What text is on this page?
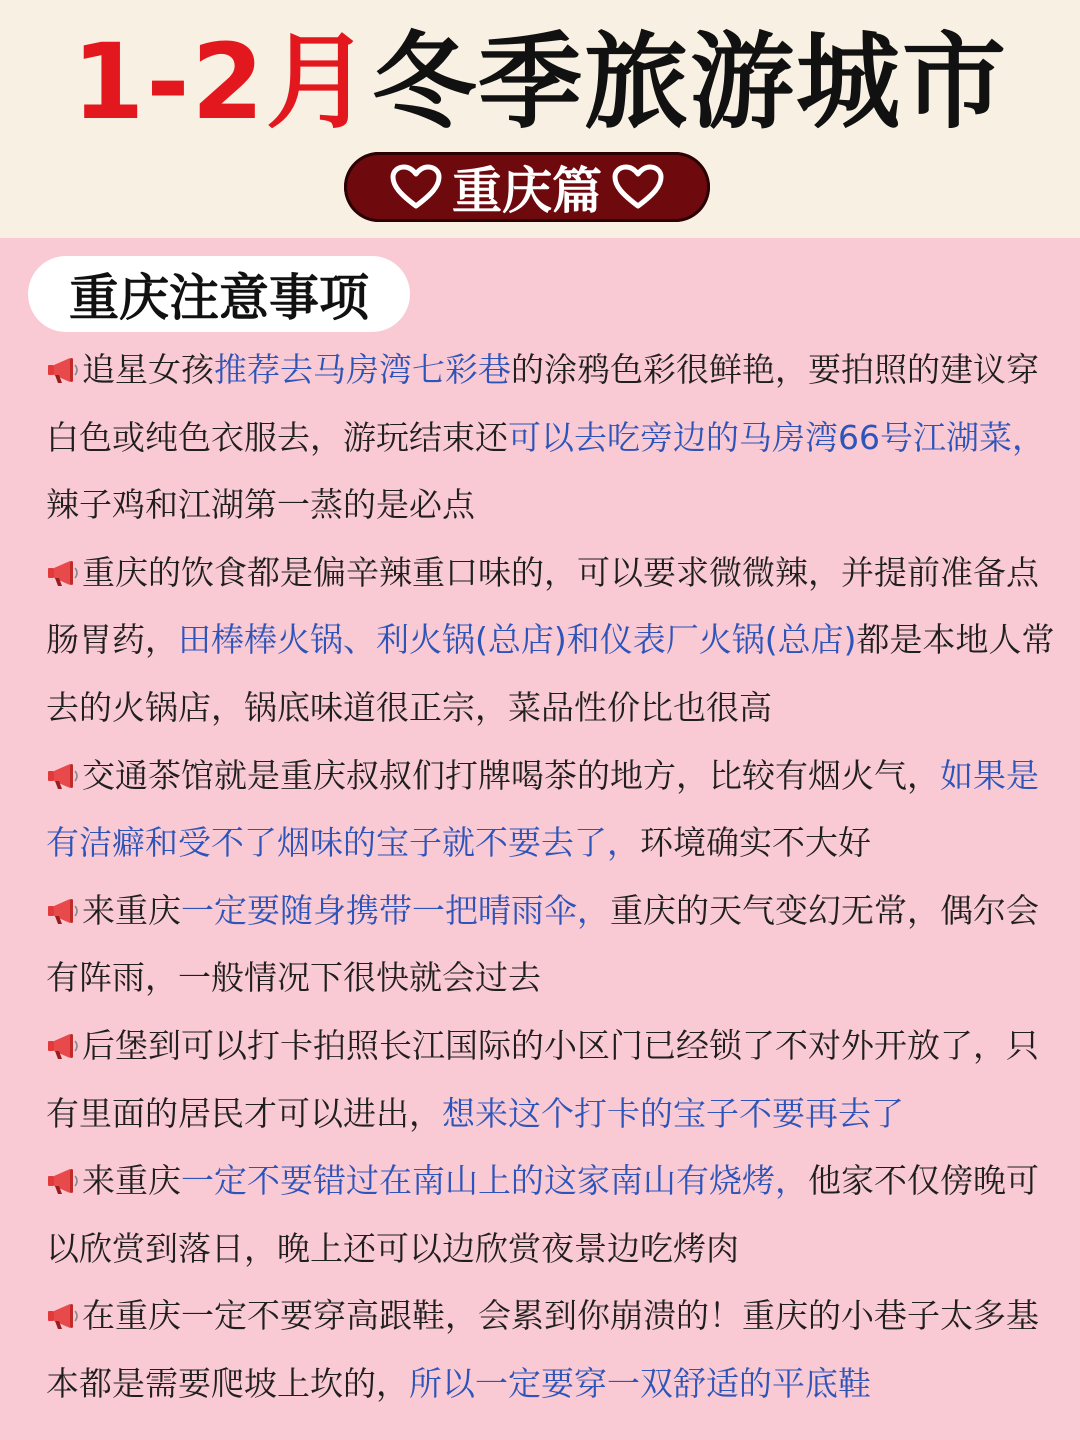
1-2月冬季旅游城市
重庆篇
重庆注意事项
追星女孩推荐去马房湾七彩巷的涂鸦色彩很鲜艳，要拍照的建议穿白色或纯色衣服去，游玩结束还可以去吃旁边的马房湾66号江湖菜，辣子鸡和江湖第一蒸的是必点
重庆的饮食都是偏辛辣重口味的，可以要求微微辣，并提前准备点肠胃药，田棒棒火锅、利火锅(总店)和仪表厂火锅(总店)都是本地人常去的火锅店，锅底味道很正宗，菜品性价比也很高
交通茶馆就是重庆叔叔们打牌喝茶的地方，比较有烟火气，如果是有洁癖和受不了烟味的宝子就不要去了，环境确实不大好
来重庆一定要随身携带一把晴雨伞，重庆的天气变幻无常，偶尔会有阵雨，一般情况下很快就会过去
后堡到可以打卡拍照长江国际的小区门已经锁了不对外开放了，只有里面的居民才可以进出，想来这个打卡的宝子不要再去了
来重庆一定不要错过在南山上的这家南山有烧烤，他家不仅傍晚可以欣赏到落日，晚上还可以边欣赏夜景边吃烤肉
在重庆一定不要穿高跟鞋，会累到你崩溃的！重庆的小巷子太多基本都是需要爬坡上坎的，所以一定要穿一双舒适的平底鞋
